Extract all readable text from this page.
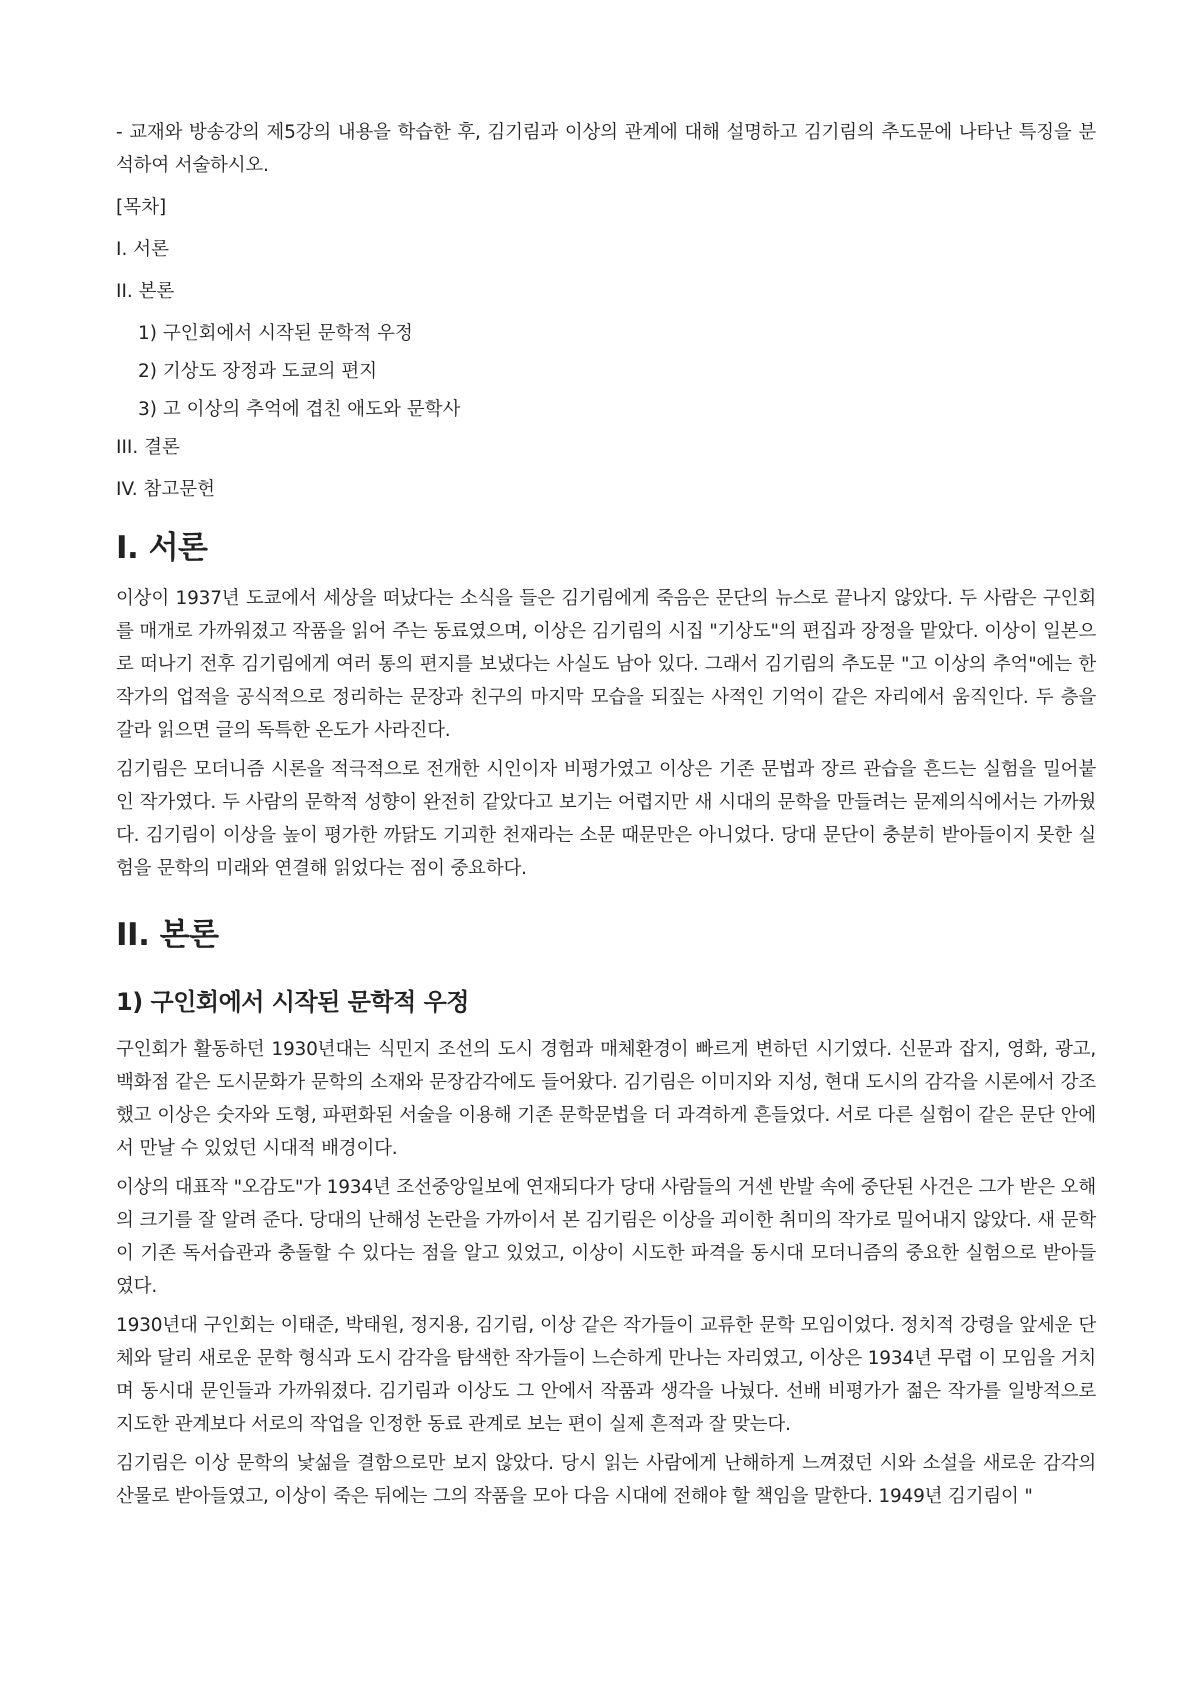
- 교재와 방송강의 제5강의 내용을 학습한 후, 김기림과 이상의 관계에 대해 설명하고 김기림의 추도문에 나타난 특징을 분석하여 서술하시오.

[목차]

I. 서론

II. 본론

1) 구인회에서 시작된 문학적 우정

2) 기상도 장정과 도쿄의 편지

3) 고 이상의 추억에 겹친 애도와 문학사

III. 결론

IV. 참고문헌

I. 서론

이상이 1937년 도쿄에서 세상을 떠났다는 소식을 들은 김기림에게 죽음은 문단의 뉴스로 끝나지 않았다. 두 사람은 구인회를 매개로 가까워졌고 작품을 읽어 주는 동료였으며, 이상은 김기림의 시집 "기상도"의 편집과 장정을 맡았다. 이상이 일본으로 떠나기 전후 김기림에게 여러 통의 편지를 보냈다는 사실도 남아 있다. 그래서 김기림의 추도문 "고 이상의 추억"에는 한 작가의 업적을 공식적으로 정리하는 문장과 친구의 마지막 모습을 되짚는 사적인 기억이 같은 자리에서 움직인다. 두 층을 갈라 읽으면 글의 독특한 온도가 사라진다.

김기림은 모더니즘 시론을 적극적으로 전개한 시인이자 비평가였고 이상은 기존 문법과 장르 관습을 흔드는 실험을 밀어붙인 작가였다. 두 사람의 문학적 성향이 완전히 같았다고 보기는 어렵지만 새 시대의 문학을 만들려는 문제의식에서는 가까웠다. 김기림이 이상을 높이 평가한 까닭도 기괴한 천재라는 소문 때문만은 아니었다. 당대 문단이 충분히 받아들이지 못한 실험을 문학의 미래와 연결해 읽었다는 점이 중요하다.

II. 본론
1) 구인회에서 시작된 문학적 우정

구인회가 활동하던 1930년대는 식민지 조선의 도시 경험과 매체환경이 빠르게 변하던 시기였다. 신문과 잡지, 영화, 광고, 백화점 같은 도시문화가 문학의 소재와 문장감각에도 들어왔다. 김기림은 이미지와 지성, 현대 도시의 감각을 시론에서 강조했고 이상은 숫자와 도형, 파편화된 서술을 이용해 기존 문학문법을 더 과격하게 흔들었다. 서로 다른 실험이 같은 문단 안에서 만날 수 있었던 시대적 배경이다.

이상의 대표작 "오감도"가 1934년 조선중앙일보에 연재되다가 당대 사람들의 거센 반발 속에 중단된 사건은 그가 받은 오해의 크기를 잘 알려 준다. 당대의 난해성 논란을 가까이서 본 김기림은 이상을 괴이한 취미의 작가로 밀어내지 않았다. 새 문학이 기존 독서습관과 충돌할 수 있다는 점을 알고 있었고, 이상이 시도한 파격을 동시대 모더니즘의 중요한 실험으로 받아들였다.

1930년대 구인회는 이태준, 박태원, 정지용, 김기림, 이상 같은 작가들이 교류한 문학 모임이었다. 정치적 강령을 앞세운 단체와 달리 새로운 문학 형식과 도시 감각을 탐색한 작가들이 느슨하게 만나는 자리였고, 이상은 1934년 무렵 이 모임을 거치며 동시대 문인들과 가까워졌다. 김기림과 이상도 그 안에서 작품과 생각을 나눴다. 선배 비평가가 젊은 작가를 일방적으로 지도한 관계보다 서로의 작업을 인정한 동료 관계로 보는 편이 실제 흔적과 잘 맞는다.

김기림은 이상 문학의 낯섦을 결함으로만 보지 않았다. 당시 읽는 사람에게 난해하게 느껴졌던 시와 소설을 새로운 감각의 산물로 받아들였고, 이상이 죽은 뒤에는 그의 작품을 모아 다음 시대에 전해야 할 책임을 말한다. 1949년 김기림이 "
